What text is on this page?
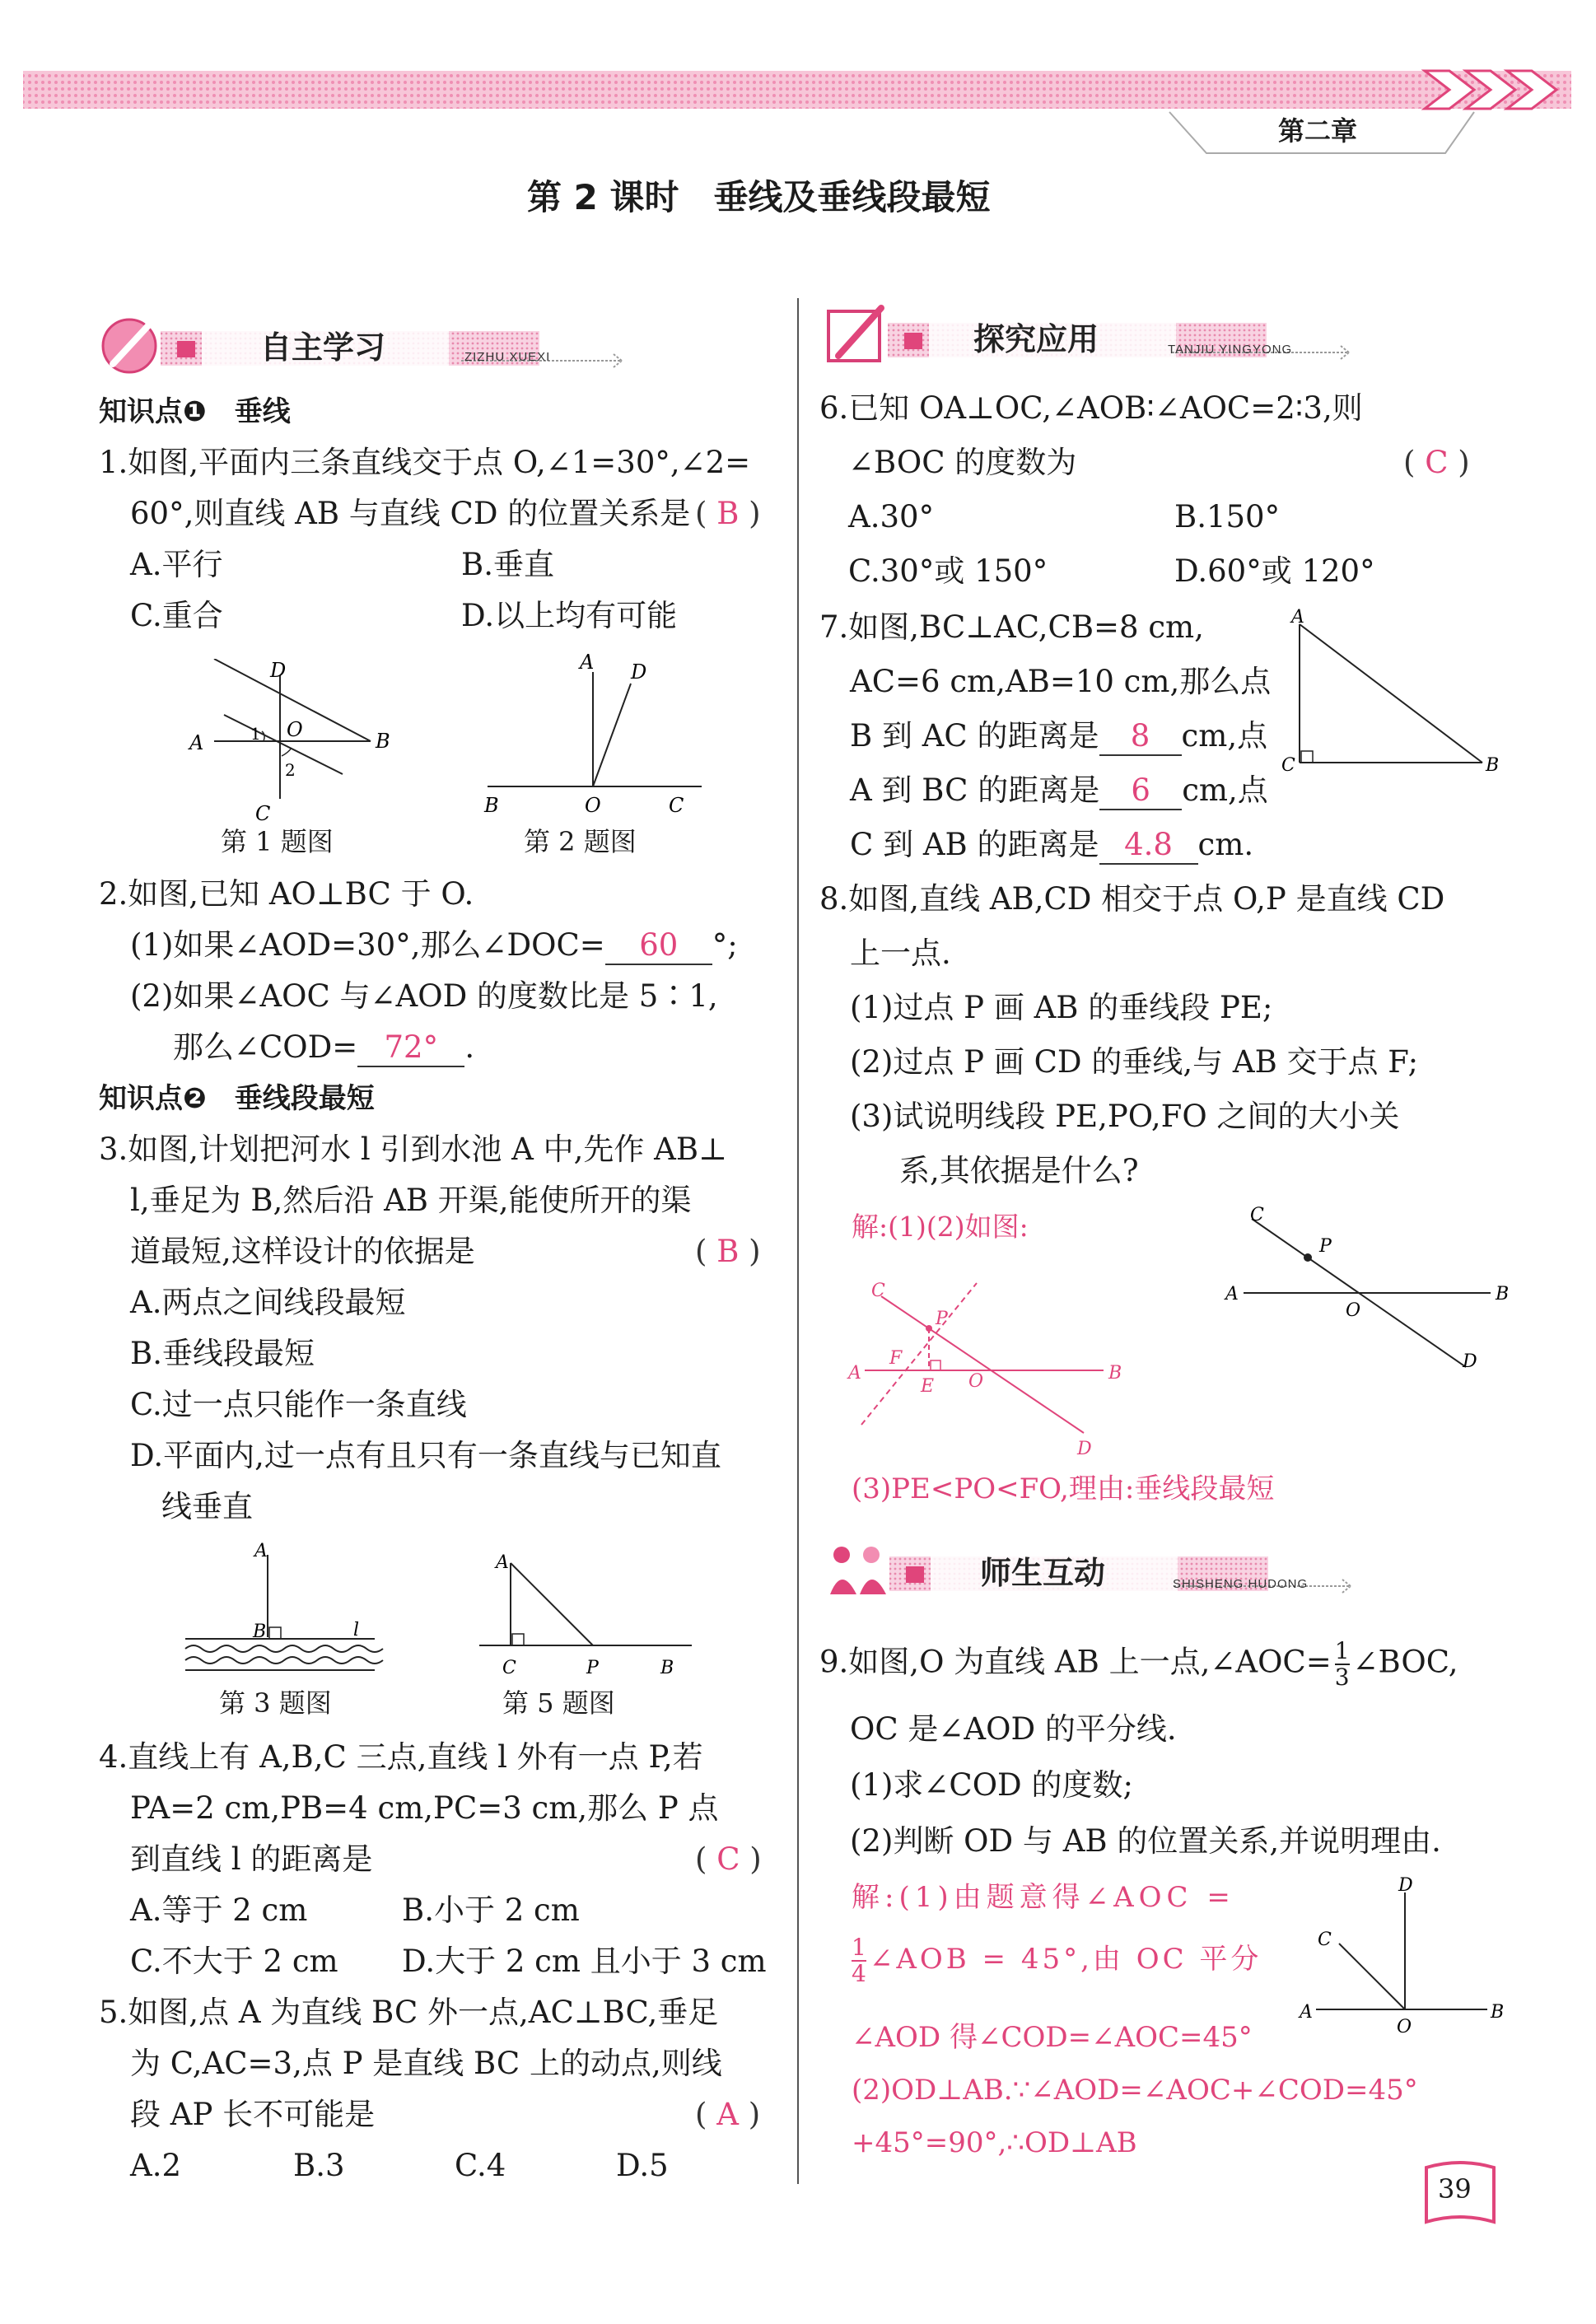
第二章
第 2 课时　垂线及垂线段最短
自主学习	ZIZHU XUEXI	探究应用	TANJIU YINGYONG
师生互动	SHISHENG HUDONG
知识点❶　垂线
1.如图,平面内三条直线交于点 O,∠1=30°,∠2=
60°,则直线 AB 与直线 CD 的位置关系是 ( B )
A.平行	B.垂直
C.重合	D.以上均有可能
D
A	B
O
C
1
2
第 1 题图
A D
B	O	C
第 2 题图
2.如图,已知 AO⊥BC 于 O.
(1)如果∠AOD=30°,那么∠DOC= 60 °;
(2)如果∠AOC 与∠AOD 的度数比是 5∶1,
那么∠COD= 72° .
知识点❷　垂线段最短
3.如图,计划把河水 l 引到水池 A 中,先作 AB⊥
l,垂足为 B,然后沿 AB 开渠,能使所开的渠
道最短,这样设计的依据是	( B )
A.两点之间线段最短
B.垂线段最短
C.过一点只能作一条直线
D.平面内,过一点有且只有一条直线与已知直
线垂直
A
B	l
第 3 题图
A
C	P	B
第 5 题图
4.直线上有 A,B,C 三点,直线 l 外有一点 P,若
PA=2 cm,PB=4 cm,PC=3 cm,那么 P 点
到直线 l 的距离是	( C )
A.等于 2 cm	B.小于 2 cm
C.不大于 2 cm D.大于 2 cm 且小于 3 cm
5.如图,点 A 为直线 BC 外一点,AC⊥BC,垂足
为 C,AC=3,点 P 是直线 BC 上的动点,则线
段 AP 长不可能是	( A )
A.2	B.3	C.4	D.5
6.已知 OA⊥OC,∠AOB∶∠AOC=2∶3,则
∠BOC 的度数为	( C )
A.30°	B.150°
C.30°或 150°	D.60°或 120°
7.如图,BC⊥AC,CB=8 cm,
AC=6 cm,AB=10 cm,那么点
B 到 AC 的距离是 8 cm,点
A 到 BC 的距离是 6 cm,点
C 到 AB 的距离是 4.8 cm.
A
C	B
8.如图,直线 AB,CD 相交于点 O,P 是直线 CD
上一点.
(1)过点 P 画 AB 的垂线段 PE;
(2)过点 P 画 CD 的垂线,与 AB 交于点 F;
(3)试说明线段 PE,PO,FO 之间的大小关
系,其依据是什么?
解:(1)(2)如图:	C
P
A
O
B
D
C
P
F
A
E O	B
D
(3)PE<PO<FO,理由:垂线段最短
9.如图,O 为直线 AB 上一点,∠AOC= $\frac{1}{3}$ ∠BOC,
OC 是∠AOD 的平分线.
(1)求∠COD 的度数;
(2)判断 OD 与 AB 的位置关系,并说明理由.
解:(1)由题意得∠AOC =
$\frac{1}{4}$ ∠AOB = 45°,由 OC 平分
∠AOD 得∠COD=∠AOC=45°
(2)OD⊥AB.∵∠AOD=∠AOC+∠COD=45°
+45°=90°,∴OD⊥AB
D
C
A
O
B
39
